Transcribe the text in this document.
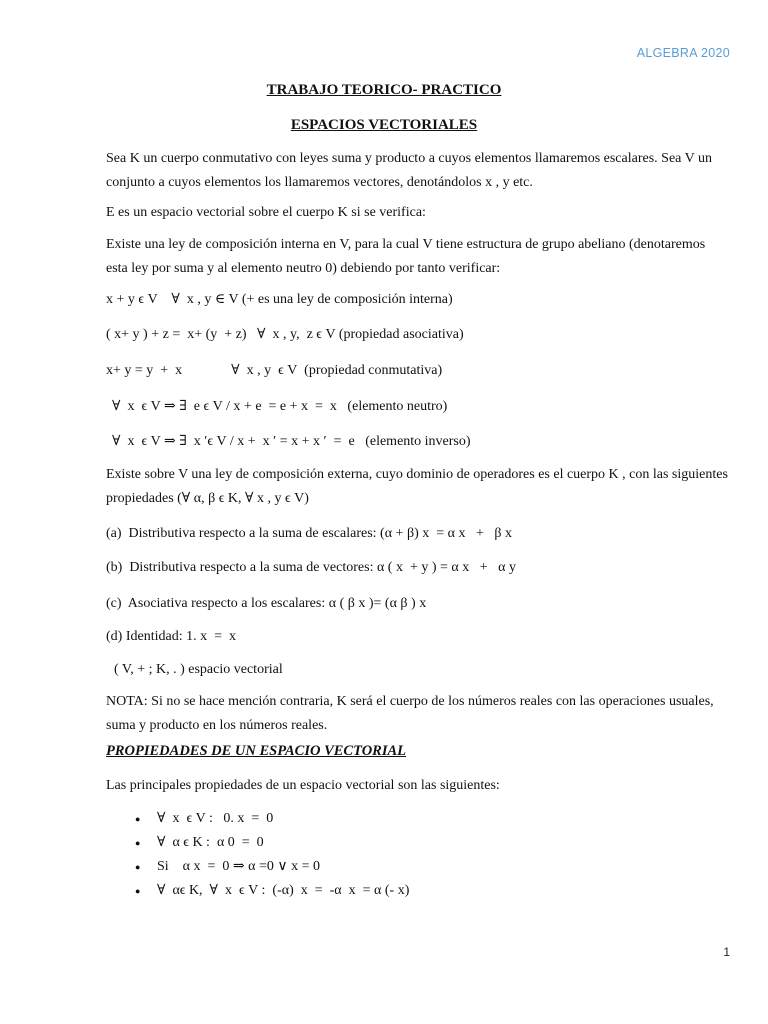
ALGEBRA 2020
TRABAJO TEORICO- PRACTICO
ESPACIOS VECTORIALES
Sea K un cuerpo conmutativo con leyes suma y producto a cuyos elementos llamaremos escalares. Sea V un conjunto a cuyos elementos los llamaremos vectores, denotándolos x , y etc.
E es un espacio vectorial sobre el cuerpo K si se verifica:
Existe una ley de composición interna en V, para la cual V tiene estructura de grupo abeliano (denotaremos esta ley por suma y al elemento neutro 0) debiendo por tanto verificar:
x + y ϵ V    ∀  x , y ∈ V (+ es una ley de composición interna)
( x+ y ) + z =  x+ (y  + z)   ∀  x , y,  z ϵ V (propiedad asociativa)
x+ y = y  +  x              ∀  x , y  ϵ V  (propiedad conmutativa)
∀  x  ϵ V ⇒ ∃  e ϵ V / x + e  = e + x  =  x   (elemento neutro)
∀  x  ϵ V ⇒ ∃  x ′ϵ V / x +  x ′ = x + x ′  =  e   (elemento inverso)
Existe sobre V una ley de composición externa, cuyo dominio de operadores es el cuerpo K , con las siguientes propiedades (∀ α, β ϵ K, ∀ x , y ϵ V)
(a)  Distributiva respecto a la suma de escalares: (α + β) x  = α x   +   β x
(b)  Distributiva respecto a la suma de vectores: α ( x  + y ) = α x   +   α y
(c)  Asociativa respecto a los escalares: α ( β x )= (α β ) x
(d) Identidad: 1. x  =  x
( V, + ; K, . ) espacio vectorial
NOTA: Si no se hace mención contraria, K será el cuerpo de los números reales con las operaciones usuales, suma y producto en los números reales.
PROPIEDADES DE UN ESPACIO VECTORIAL
Las principales propiedades de un espacio vectorial son las siguientes:
● ∀  x  ϵ V :   0. x  =  0
● ∀  α ϵ K :  α 0  =  0
● Si    α x  =  0 ⇒ α =0 ∨ x = 0
● ∀  αϵ K,  ∀  x  ϵ V :  (-α)  x  =  -α  x  = α (- x)
1
